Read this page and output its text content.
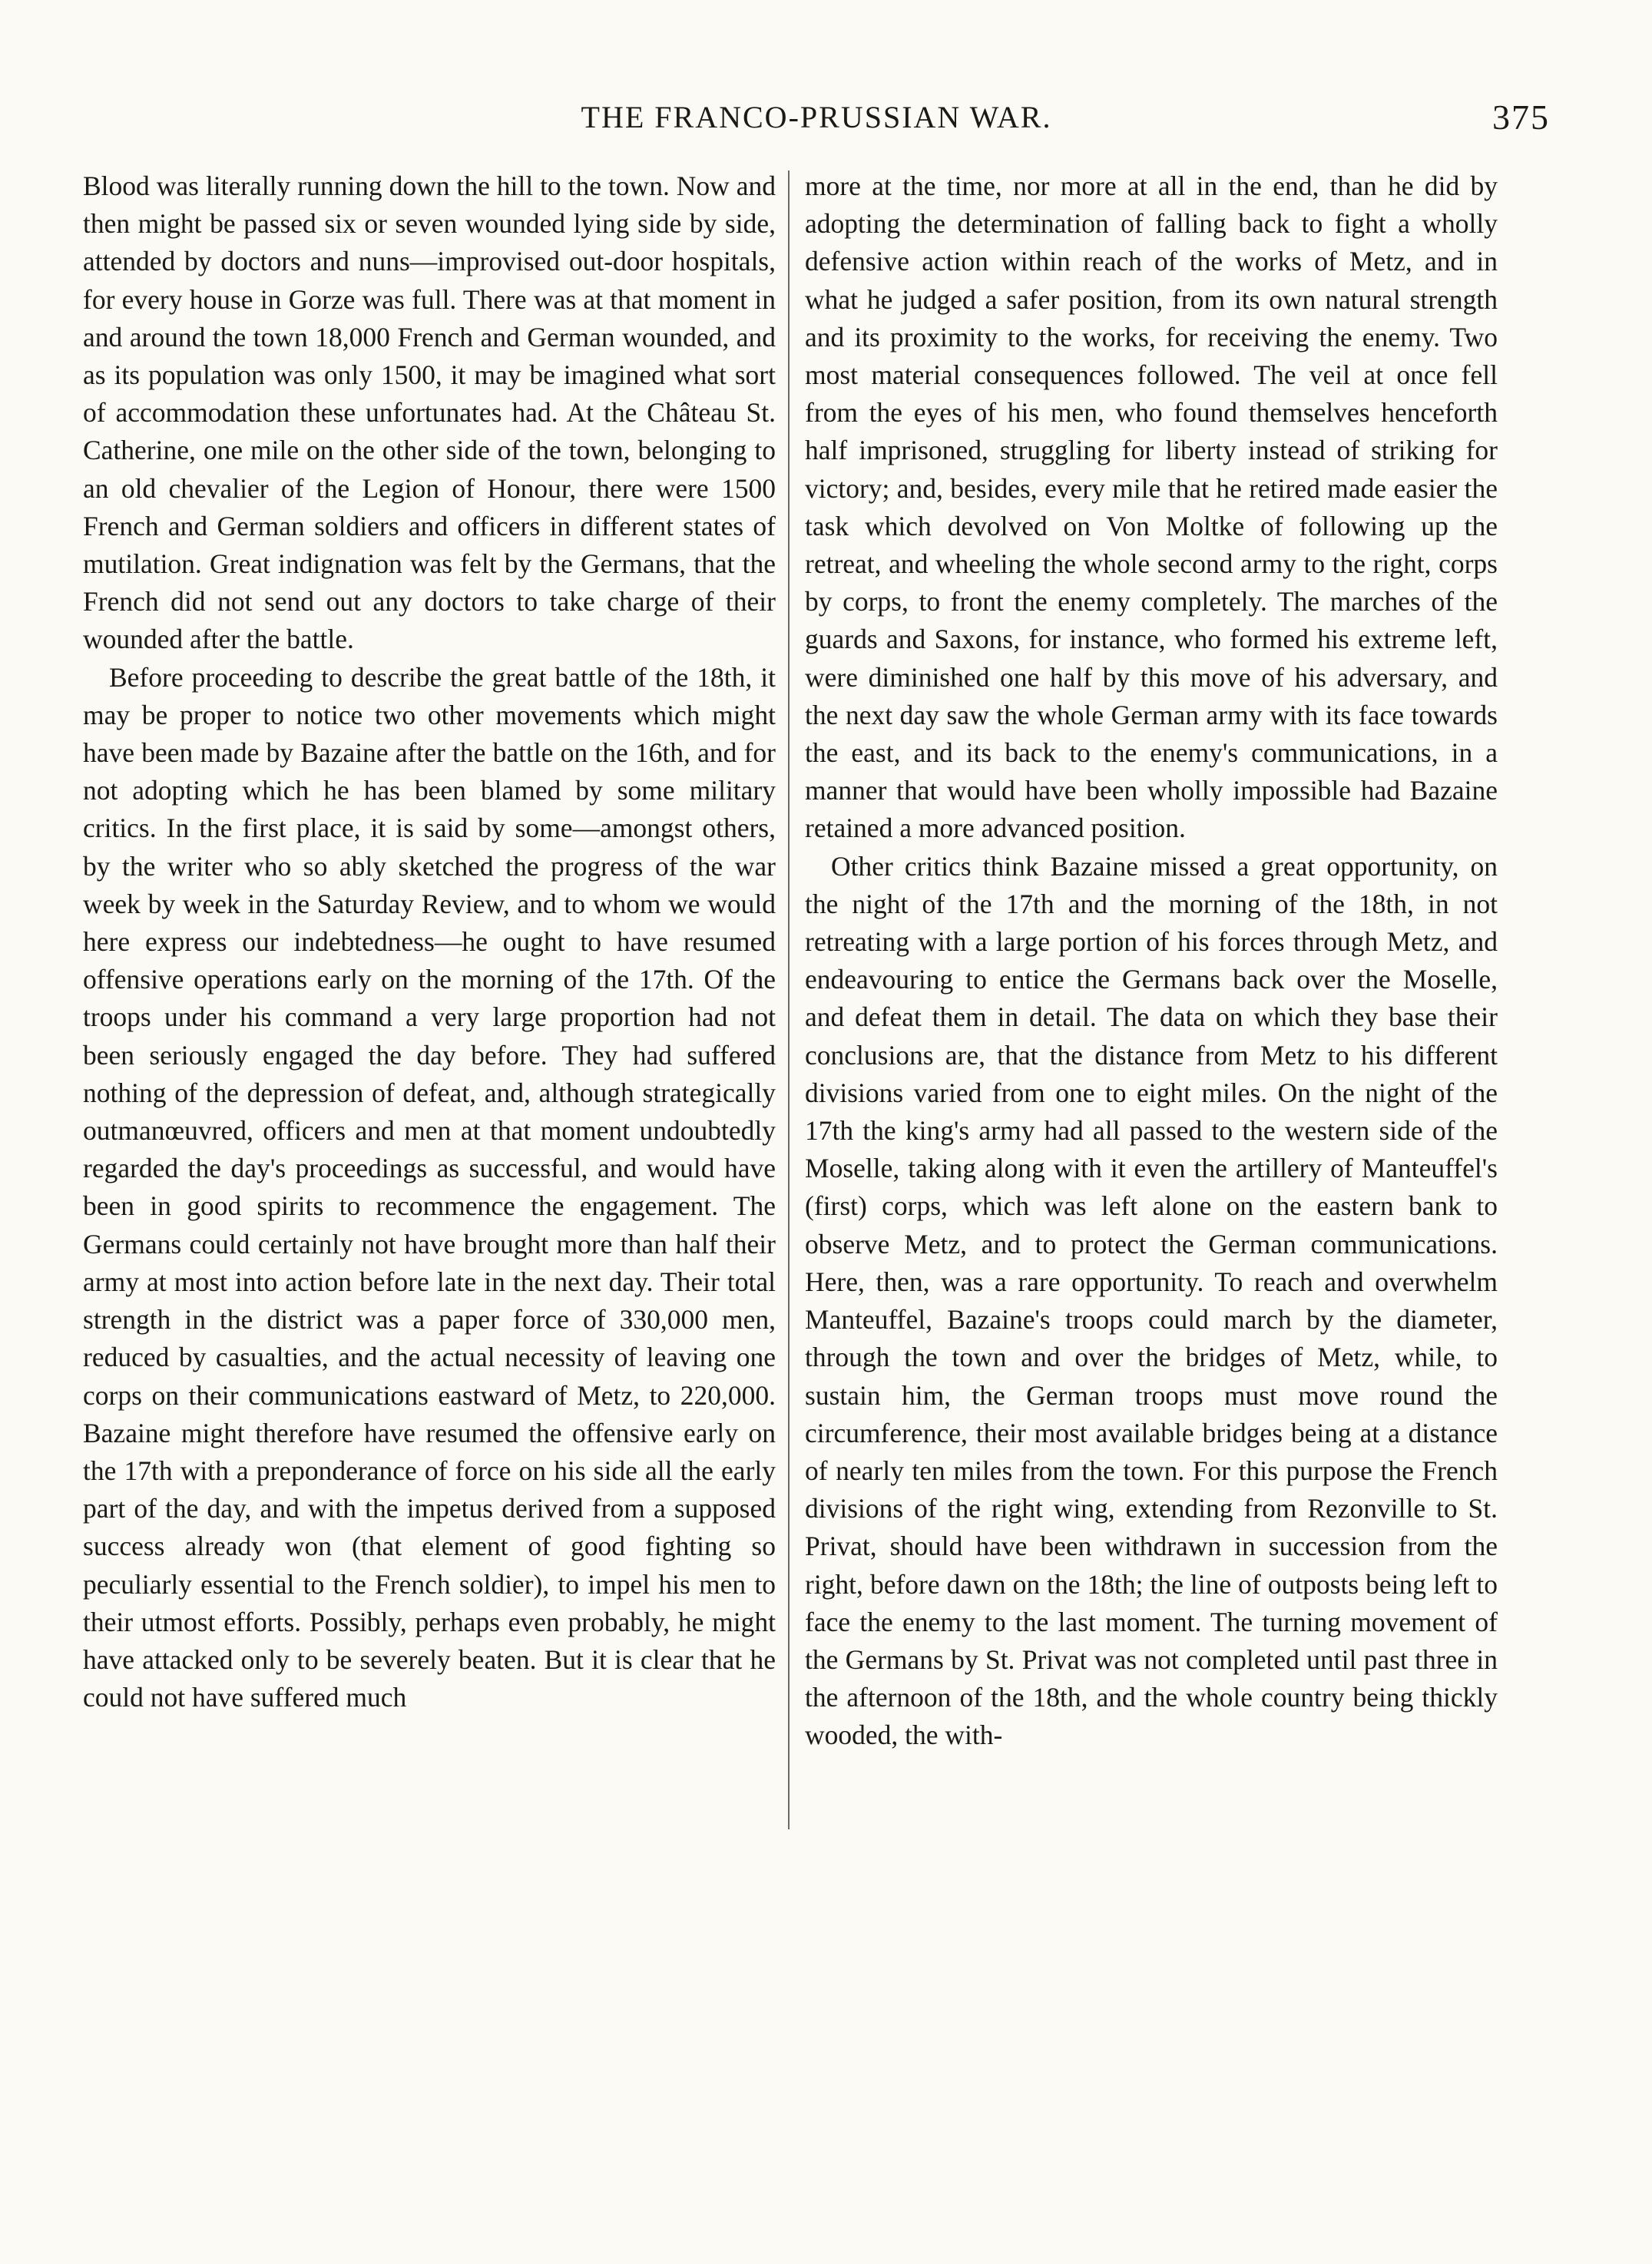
THE FRANCO-PRUSSIAN WAR.	375

Blood was literally running down the hill to the town. Now and then might be passed six or seven wounded lying side by side, attended by doctors and nuns—improvised out-door hospitals, for every house in Gorze was full. There was at that moment in and around the town 18,000 French and German wounded, and as its population was only 1500, it may be imagined what sort of accommodation these unfortunates had. At the Château St. Catherine, one mile on the other side of the town, belonging to an old chevalier of the Legion of Honour, there were 1500 French and German soldiers and officers in different states of mutilation. Great indignation was felt by the Germans, that the French did not send out any doctors to take charge of their wounded after the battle.

Before proceeding to describe the great battle of the 18th, it may be proper to notice two other movements which might have been made by Bazaine after the battle on the 16th, and for not adopting which he has been blamed by some military critics. In the first place, it is said by some—amongst others, by the writer who so ably sketched the progress of the war week by week in the Saturday Review, and to whom we would here express our indebtedness—he ought to have resumed offensive operations early on the morning of the 17th. Of the troops under his command a very large proportion had not been seriously engaged the day before. They had suffered nothing of the depression of defeat, and, although strategically outmanœuvred, officers and men at that moment undoubtedly regarded the day's proceedings as successful, and would have been in good spirits to recommence the engagement. The Germans could certainly not have brought more than half their army at most into action before late in the next day. Their total strength in the district was a paper force of 330,000 men, reduced by casualties, and the actual necessity of leaving one corps on their communications eastward of Metz, to 220,000. Bazaine might therefore have resumed the offensive early on the 17th with a preponderance of force on his side all the early part of the day, and with the impetus derived from a supposed success already won (that element of good fighting so peculiarly essential to the French soldier), to impel his men to their utmost efforts. Possibly, perhaps even probably, he might have attacked only to be severely beaten. But it is clear that he could not have suffered much

more at the time, nor more at all in the end, than he did by adopting the determination of falling back to fight a wholly defensive action within reach of the works of Metz, and in what he judged a safer position, from its own natural strength and its proximity to the works, for receiving the enemy. Two most material consequences followed. The veil at once fell from the eyes of his men, who found themselves henceforth half imprisoned, struggling for liberty instead of striking for victory; and, besides, every mile that he retired made easier the task which devolved on Von Moltke of following up the retreat, and wheeling the whole second army to the right, corps by corps, to front the enemy completely. The marches of the guards and Saxons, for instance, who formed his extreme left, were diminished one half by this move of his adversary, and the next day saw the whole German army with its face towards the east, and its back to the enemy's communications, in a manner that would have been wholly impossible had Bazaine retained a more advanced position.

Other critics think Bazaine missed a great opportunity, on the night of the 17th and the morning of the 18th, in not retreating with a large portion of his forces through Metz, and endeavouring to entice the Germans back over the Moselle, and defeat them in detail. The data on which they base their conclusions are, that the distance from Metz to his different divisions varied from one to eight miles. On the night of the 17th the king's army had all passed to the western side of the Moselle, taking along with it even the artillery of Manteuffel's (first) corps, which was left alone on the eastern bank to observe Metz, and to protect the German communications. Here, then, was a rare opportunity. To reach and overwhelm Manteuffel, Bazaine's troops could march by the diameter, through the town and over the bridges of Metz, while, to sustain him, the German troops must move round the circumference, their most available bridges being at a distance of nearly ten miles from the town. For this purpose the French divisions of the right wing, extending from Rezonville to St. Privat, should have been withdrawn in succession from the right, before dawn on the 18th; the line of outposts being left to face the enemy to the last moment. The turning movement of the Germans by St. Privat was not completed until past three in the afternoon of the 18th, and the whole country being thickly wooded, the with-
